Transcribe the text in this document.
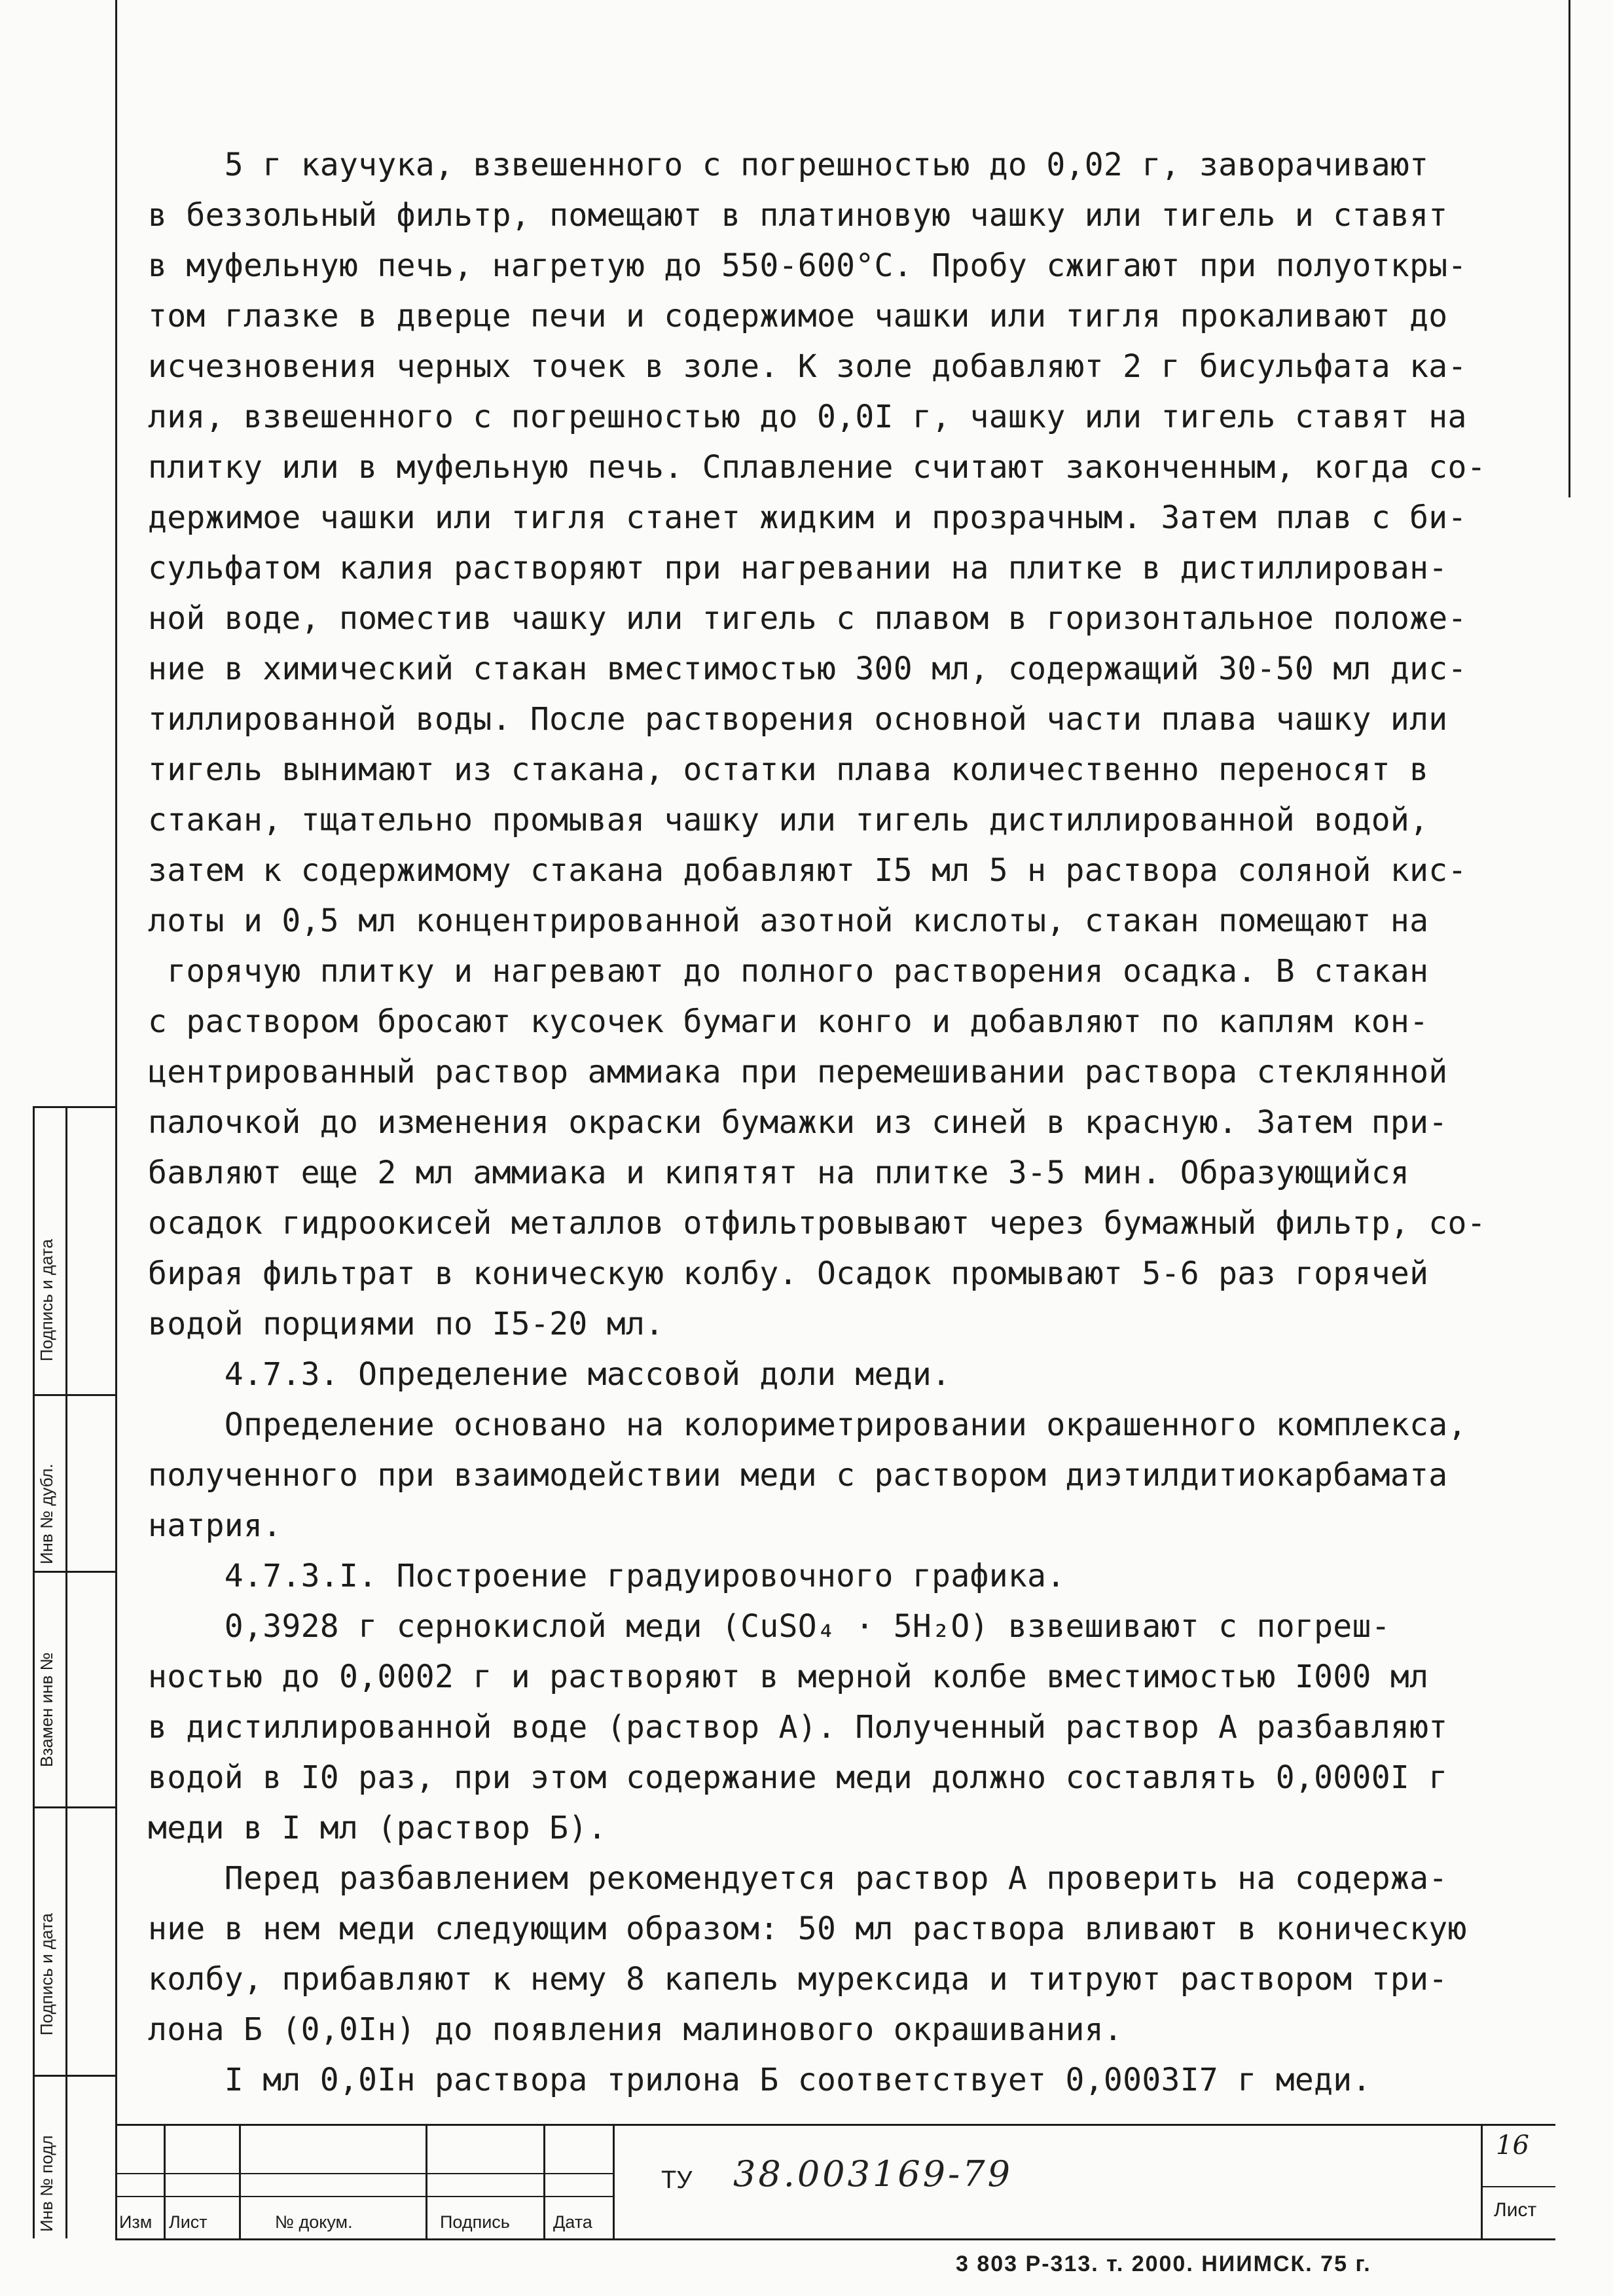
Инв № подл
Подпись и дата
Взамен инв №
Инв № дубл.
Подпись и дата
5 г каучука, взвешенного с погрешностью до 0,02 г, заворачивают
в беззольный фильтр, помещают в платиновую чашку или тигель и ставят
в муфельную печь, нагретую до 550-600°С. Пробу сжигают при полуоткры-
том глазке в дверце печи и содержимое чашки или тигля прокаливают до
исчезновения черных точек в золе. К золе добавляют 2 г бисульфата ка-
лия, взвешенного с погрешностью до 0,0I г, чашку или тигель ставят на
плитку или в муфельную печь. Сплавление считают законченным, когда со-
держимое чашки или тигля станет жидким и прозрачным. Затем плав с би-
сульфатом калия растворяют при нагревании на плитке в дистиллирован-
ной воде, поместив чашку или тигель с плавом в горизонтальное положе-
ние в химический стакан вместимостью 300 мл, содержащий 30-50 мл дис-
тиллированной воды. После растворения основной части плава чашку или
тигель вынимают из стакана, остатки плава количественно переносят в
стакан, тщательно промывая чашку или тигель дистиллированной водой,
затем к содержимому стакана добавляют I5 мл 5 н раствора соляной кис-
лоты и 0,5 мл концентрированной азотной кислоты, стакан помещают на
горячую плитку и нагревают до полного растворения осадка. В стакан
с раствором бросают кусочек бумаги конго и добавляют по каплям кон-
центрированный раствор аммиака при перемешивании раствора стеклянной
палочкой до изменения окраски бумажки из синей в красную. Затем при-
бавляют еще 2 мл аммиака и кипятят на плитке 3-5 мин. Образующийся
осадок гидроокисей металлов отфильтровывают через бумажный фильтр, со-
бирая фильтрат в коническую колбу. Осадок промывают 5-6 раз горячей
водой порциями по I5-20 мл.
4.7.3. Определение массовой доли меди.
Определение основано на колориметрировании окрашенного комплекса,
полученного при взаимодействии меди с раствором диэтилдитиокарбамата
натрия.
4.7.3.I. Построение градуировочного графика.
0,3928 г сернокислой меди (CuSO₄ · 5H₂O) взвешивают с погреш-
ностью до 0,0002 г и растворяют в мерной колбе вместимостью I000 мл
в дистиллированной воде (раствор А). Полученный раствор А разбавляют
водой в I0 раз, при этом содержание меди должно составлять 0,0000I г
меди в I мл (раствор Б).
Перед разбавлением рекомендуется раствор А проверить на содержа-
ние в нем меди следующим образом: 50 мл раствора вливают в коническую
колбу, прибавляют к нему 8 капель мурексида и титруют раствором три-
лона Б (0,0Iн) до появления малинового окрашивания.
I мл 0,0Iн раствора трилона Б соответствует 0,0003I7 г меди.
Изм Лист	№ докум.	Подпись Дата
ТУ 38.003169-79
16
Лист
3 803 Р-313. т. 2000. НИИМСК. 75 г.
